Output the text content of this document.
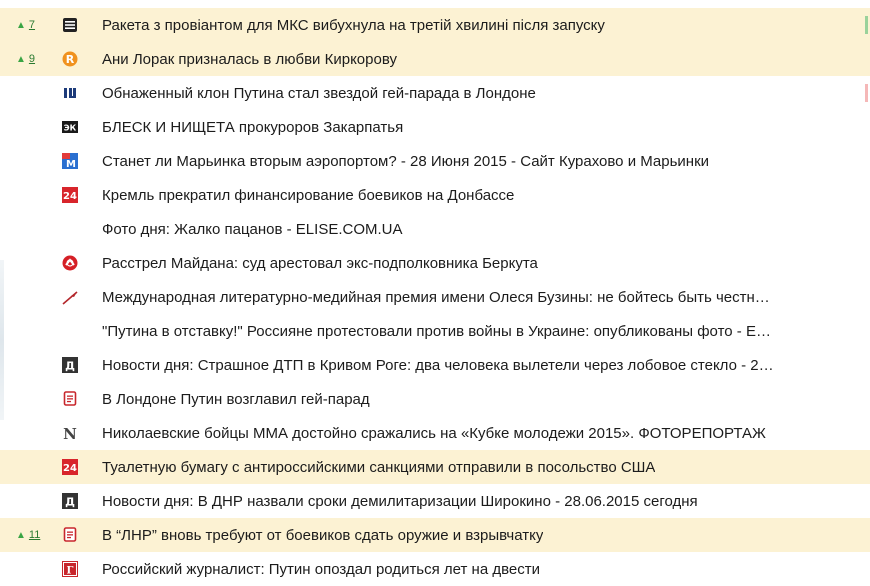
▲ 7	Ракета з провіантом для МКС вибухнула на третій хвилині після запуску
▲ 9	R Ани Лорак призналась в любви Киркорову
Обнаженный клон Путина стал звездой гей-парада в Лондоне
ЭК БЛЕСК И НИЩЕТА прокуроров Закарпатья
M Станет ли Марьинка вторым аэропортом? - 28 Июня 2015 - Сайт Курахово и Марьинки
24 Кремль прекратил финансирование боевиков на Донбассе
Фото дня: Жалко пацанов - ELISE.COM.UA
Расстрел Майдана: суд арестовал экс-подполковника Беркута
Международная литературно-медийная премия имени Олеся Бузины: не бойтесь быть честн…
"Путина в отставку!" Россияне протестовали против войны в Украине: опубликованы фото - Е…
Д Новости дня: Страшное ДТП в Кривом Роге: два человека вылетели через лобовое стекло - 2…
В Лондоне Путин возглавил гей-парад
N Николаевские бойцы ММА достойно сражались на «Кубке молодежи 2015». ФОТОРЕПОРТАЖ
24 Туалетную бумагу с антироссийскими санкциями отправили в посольство США
Д Новости дня: В ДНР назвали сроки демилитаризации Широкино - 28.06.2015 сегодня
▲ 11	В “ЛНР” вновь требуют от боевиков сдать оружие и взрывчатку
Г Российский журналист: Путин опоздал родиться лет на двести
